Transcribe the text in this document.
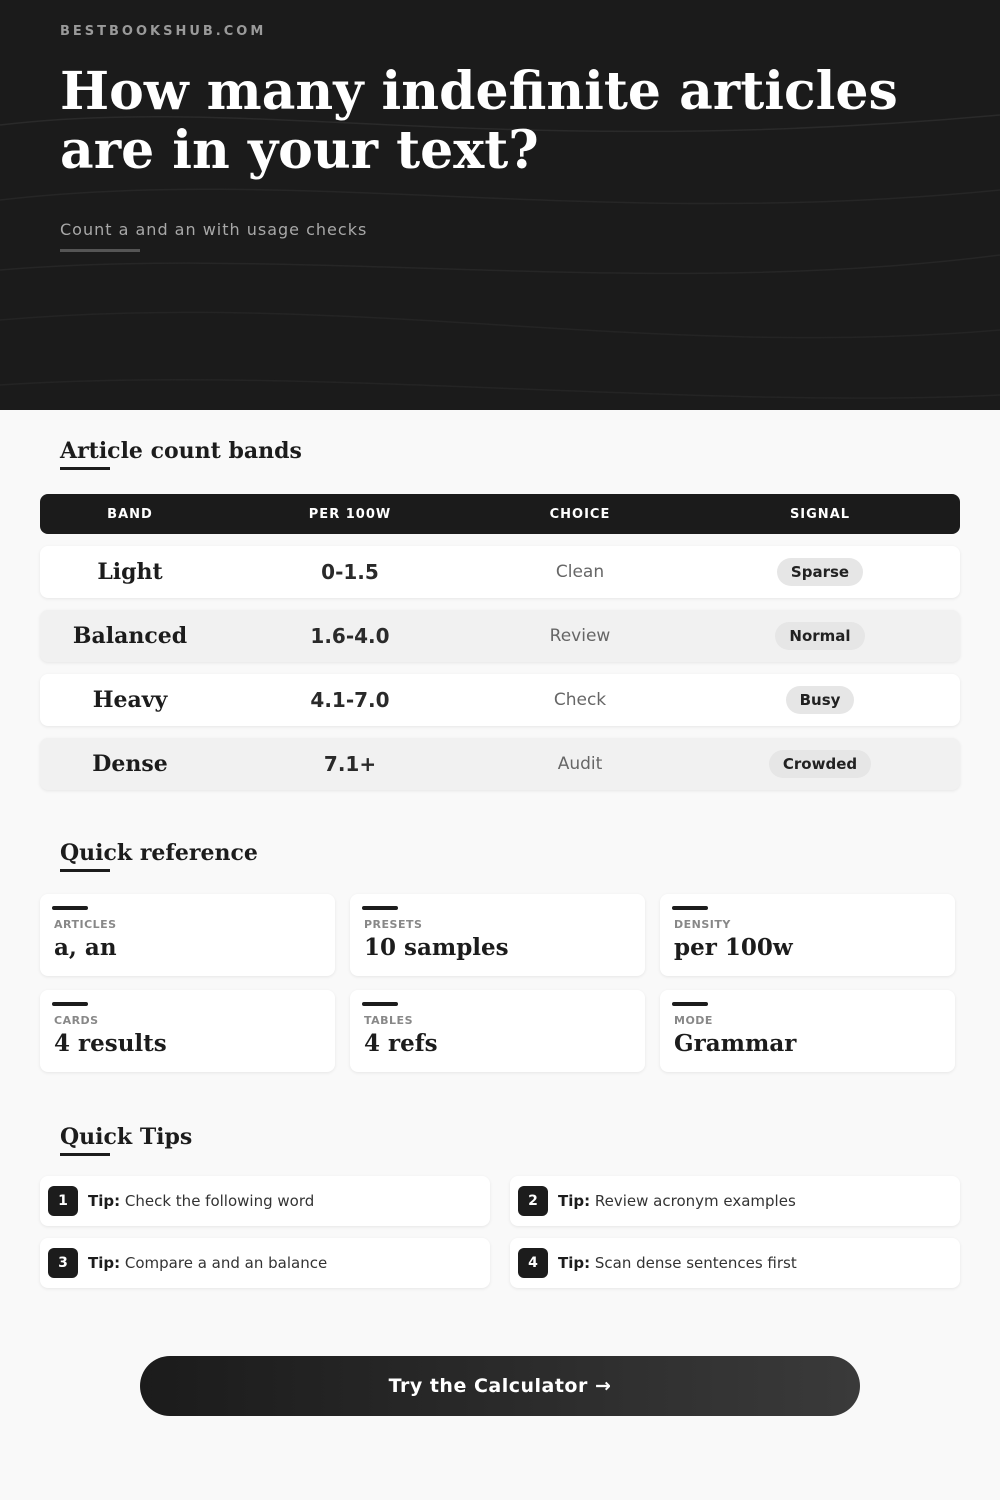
BESTBOOKSHUB.COM
How many indefinite articles are in your text?
Count a and an with usage checks
Article count bands
BAND	PER 100W	CHOICE	SIGNAL
Light	0-1.5	Clean	Sparse
Balanced	1.6-4.0	Review	Normal
Heavy	4.1-7.0	Check	Busy
Dense	7.1+	Audit	Crowded
Quick reference
ARTICLES
a, an
PRESETS
10 samples
DENSITY
per 100w
CARDS
4 results
TABLES
4 refs
MODE
Grammar
Quick Tips
1	Tip: Check the following word	2	Tip: Review acronym examples
3	Tip: Compare a and an balance	4	Tip: Scan dense sentences first
Try the Calculator →
